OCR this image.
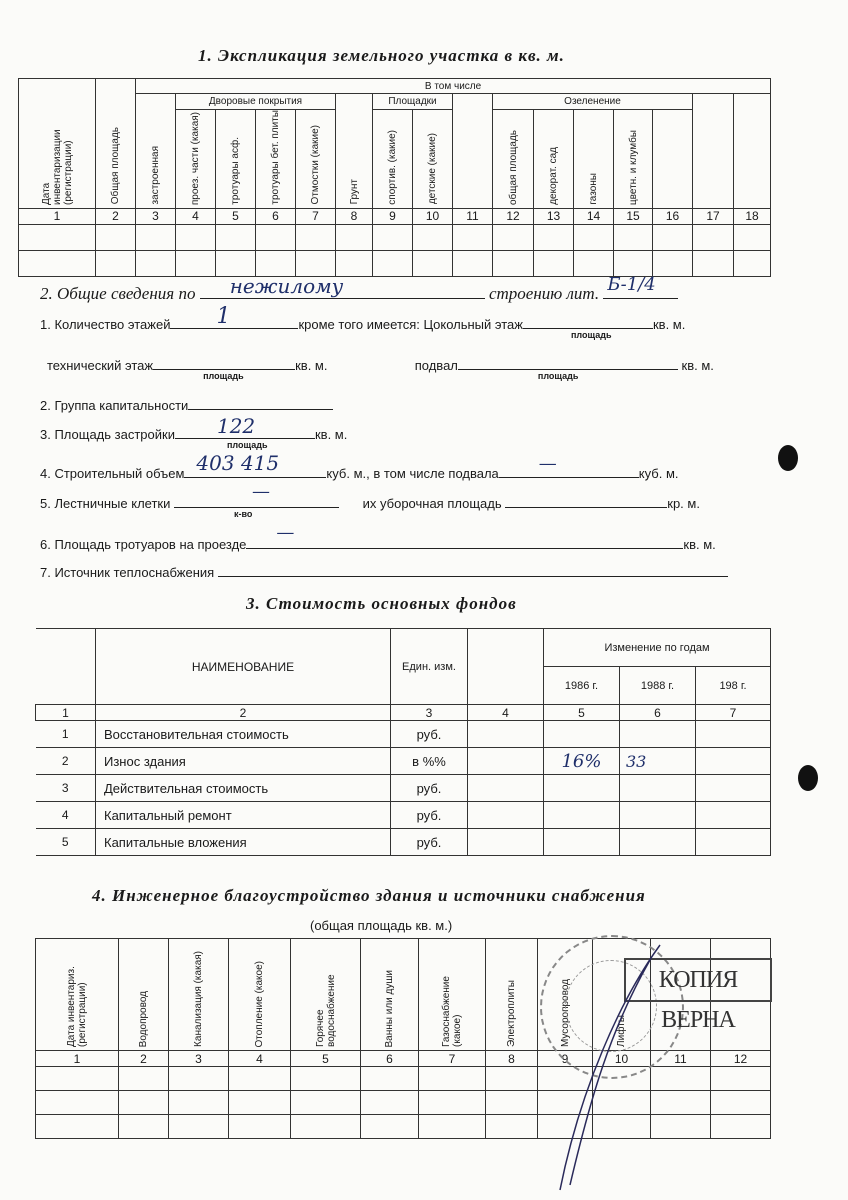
1. Экспликация земельного участка в кв. м.
Дата инвентаризации (регистрации)	Общая площадь	В том числе															
		застроенная	Дворовые покрытия				Грунт	Площадки			Озеленение						
			проез. части (какая)	тротуары асф.	тротуары бет. плиты	Отмостки (какие)		спортив. (какие)	детские (какие)		общая площадь	декорат. сад	газоны	цветн. и клумбы			
1	2	3	4	5	6	7	8	9	10	11	12	13	14	15	16	17	18

2. Общие сведения по нежилому	строению лит. Б-1/4
1. Количество этажей 1	кроме того имеется: Цокольный этаж
площадь
кв. м.
технический этаж
площадь
кв. м.	подвал
площадь
кв. м.
2. Группа капитальности
3. Площадь застройки 122
площадь
кв. м.
4. Строительный объем 403 415	куб. м., в том числе подвала —	куб. м.
5. Лестничные клетки
—
к-во
их уборочная площадь	кр. м.
6. Площадь тротуаров на проезде
—
кв. м.
7. Источник теплоснабжения
3. Стоимость основных фондов
	НАИМЕНОВАНИЕ	Един. изм.		Изменение по годам		
				1986 г.	1988 г.	198 г.
1	2	3	4	5	6	7
1	Восстановительная стоимость	руб.				
2	Износ здания	в %%		16%	33	
3	Действительная стоимость	руб.				
4	Капитальный ремонт	руб.				
5	Капитальные вложения	руб.				
4. Инженерное благоустройство здания и источники снабжения
(общая площадь кв. м.)
Дата инвентариз. (регистрации)	Водопровод	Канализация (какая)	Отопление (какое)	Горячее водоснабжение	Ванны или души	Газоснабжение (какое)	Электроплиты	Мусоропровод	Лифты		
1	2	3	4	5	6	7	8	9	10	11	12

КОПИЯ ВЕРНА
